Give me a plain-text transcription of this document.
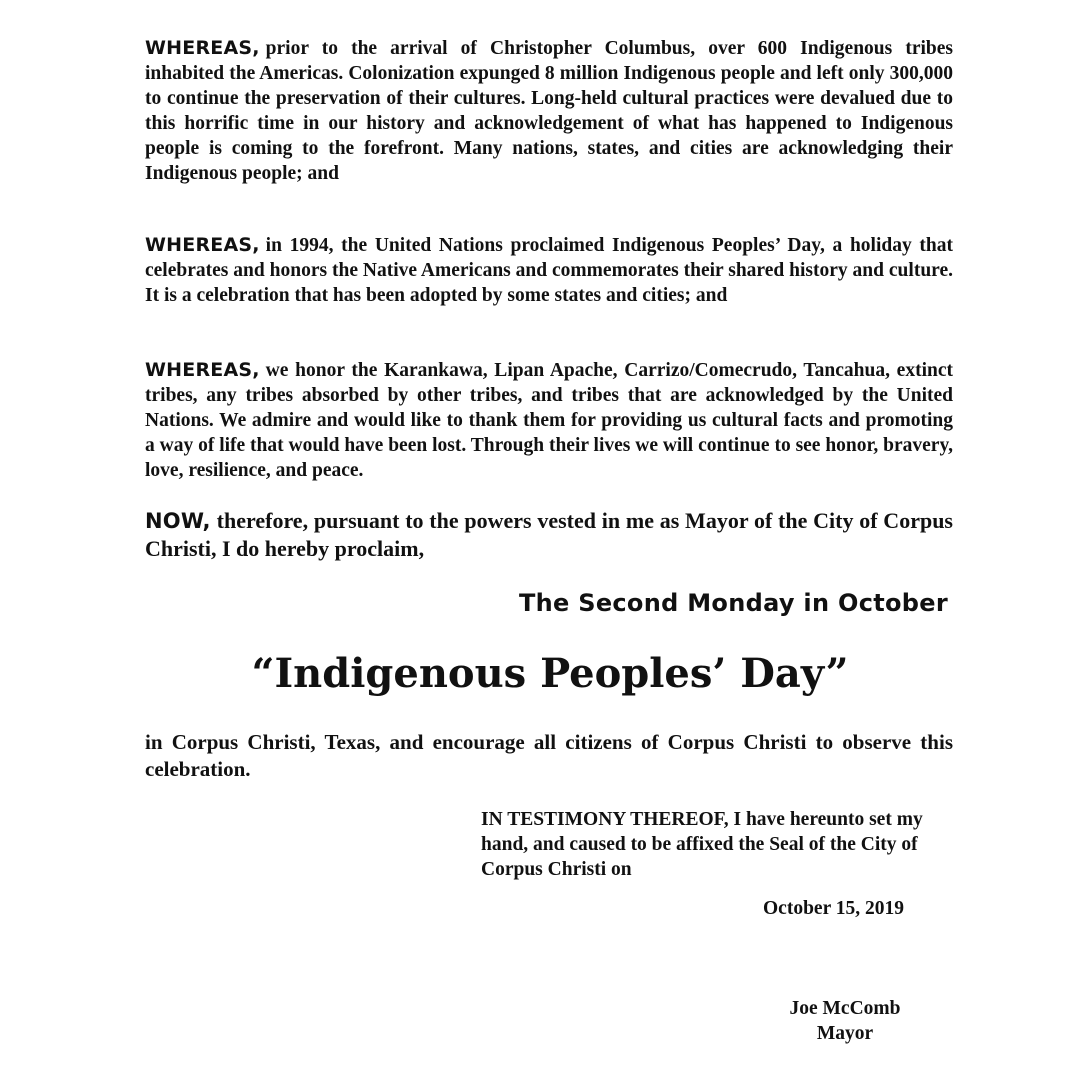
WHEREAS, prior to the arrival of Christopher Columbus, over 600 Indigenous tribes inhabited the Americas. Colonization expunged 8 million Indigenous people and left only 300,000 to continue the preservation of their cultures. Long-held cultural practices were devalued due to this horrific time in our history and acknowledgement of what has happened to Indigenous people is coming to the forefront. Many nations, states, and cities are acknowledging their Indigenous people; and

WHEREAS, in 1994, the United Nations proclaimed Indigenous Peoples’ Day, a holiday that celebrates and honors the Native Americans and commemorates their shared history and culture. It is a celebration that has been adopted by some states and cities; and

WHEREAS, we honor the Karankawa, Lipan Apache, Carrizo/Comecrudo, Tancahua, extinct tribes, any tribes absorbed by other tribes, and tribes that are acknowledged by the United Nations. We admire and would like to thank them for providing us cultural facts and promoting a way of life that would have been lost. Through their lives we will continue to see honor, bravery, love, resilience, and peace.

NOW, therefore, pursuant to the powers vested in me as Mayor of the City of Corpus Christi, I do hereby proclaim,

The Second Monday in October

“Indigenous Peoples’ Day”

in Corpus Christi, Texas, and encourage all citizens of Corpus Christi to observe this celebration.

IN TESTIMONY THEREOF, I have hereunto set my hand, and caused to be affixed the Seal of the City of Corpus Christi on

October 15, 2019

Joe McComb
Mayor
